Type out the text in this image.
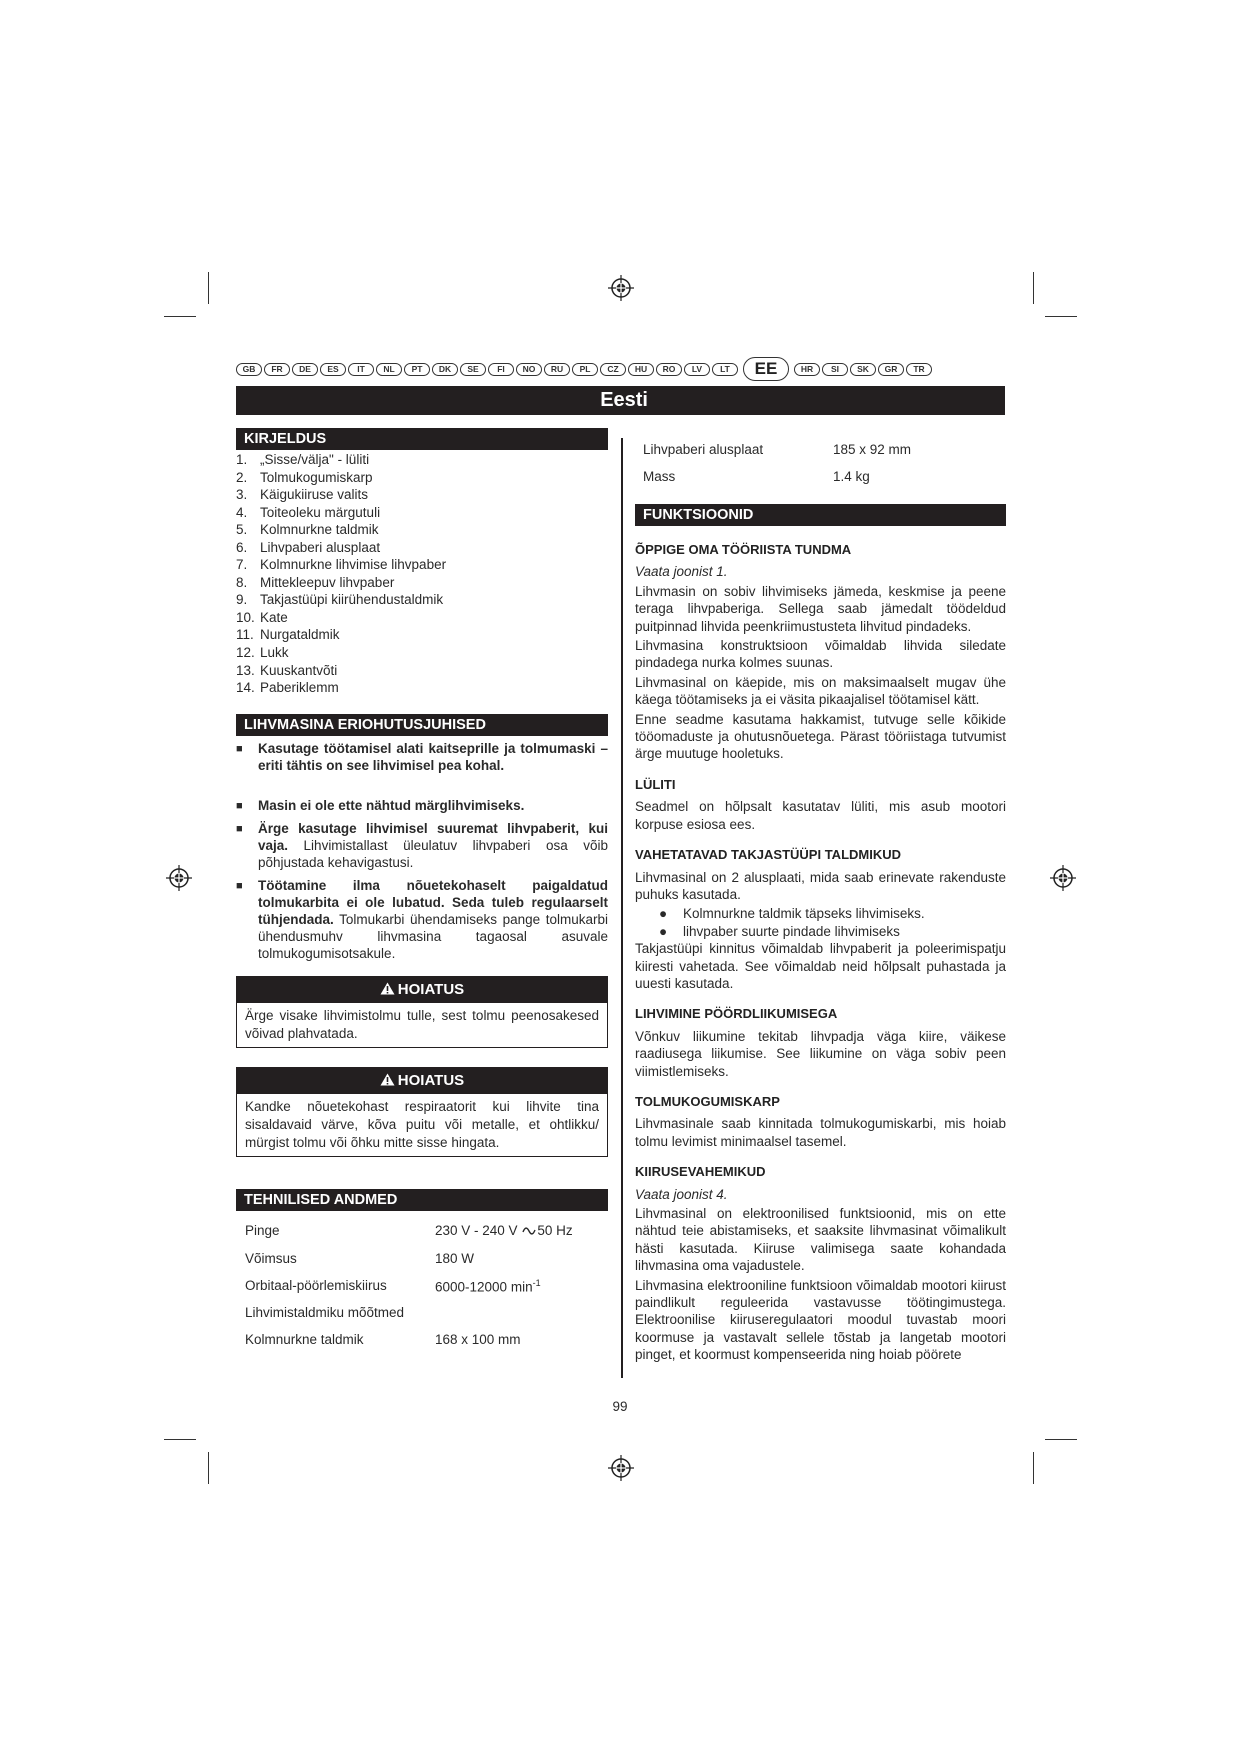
GB	FR	DE	ES	IT	NL	PT	DK	SE	FI	NO	RU	PL	CZ	HU	RO	LV	LT	EE	HR	SI	SK	GR	TR
Eesti
KIRJELDUS
1. „Sisse/välja" - lüliti
2. Tolmukogumiskarp
3. Käigukiiruse valits
4. Toiteoleku märgutuli
5. Kolmnurkne taldmik
6. Lihvpaberi alusplaat
7. Kolmnurkne lihvimise lihvpaber
8. Mittekleepuv lihvpaber
9. Takjastüüpi kiirühendustaldmik
10. Kate
11. Nurgataldmik
12. Lukk
13. Kuuskantvõti
14. Paberiklemm
LIHVMASINA ERIOHUTUSJUHISED
■	Kasutage töötamisel alati kaitseprille ja tolmumaski – eriti tähtis on see lihvimisel pea kohal.
■	Masin ei ole ette nähtud märglihvimiseks.
■	Ärge kasutage lihvimisel suuremat lihvpaberit, kui vaja. Lihvimistallast üleulatuv lihvpaberi osa võib põhjustada kehavigastusi.
■	Töötamine ilma nõuetekohaselt paigaldatud tolmukarbita ei ole lubatud. Seda tuleb regulaarselt tühjendada. Tolmukarbi ühendamiseks pange tolmukarbi ühendusmuhv lihvmasina tagaosal asuvale tolmukogumisotsakule.
HOIATUS
Ärge visake lihvimistolmu tulle, sest tolmu peenosakesed võivad plahvatada.
HOIATUS
Kandke nõuetekohast respiraatorit kui lihvite tina sisaldavaid värve, kõva puitu või metalle, et ohtlikku/ mürgist tolmu või õhku mitte sisse hingata.
TEHNILISED ANDMED
Pinge	230 V - 240 V 50 Hz
Võimsus	180 W
Orbitaal-pöörlemiskiirus	6000-12000 $\min^{-1}$
Lihvimistaldmiku mõõtmed
Kolmnurkne taldmik	168 x 100 mm
Lihvpaberi alusplaat	185 x 92 mm
Mass	1.4 kg
FUNKTSIOONID
ÕPPIGE OMA TÖÖRIISTA TUNDMA

Vaata joonist 1.

Lihvmasin on sobiv lihvimiseks jämeda, keskmise ja peene teraga lihvpaberiga. Sellega saab jämedalt töödeldud puitpinnad lihvida peenkriimustusteta lihvitud pindadeks.

Lihvmasina konstruktsioon võimaldab lihvida siledate pindadega nurka kolmes suunas.

Lihvmasinal on käepide, mis on maksimaalselt mugav ühe käega töötamiseks ja ei väsita pikaajalisel töötamisel kätt.

Enne seadme kasutama hakkamist, tutvuge selle kõikide tööomaduste ja ohutusnõuetega. Pärast tööriistaga tutvumist ärge muutuge hooletuks.

LÜLITI

Seadmel on hõlpsalt kasutatav lüliti, mis asub mootori korpuse esiosa ees.

VAHETATAVAD TAKJASTÜÜPI TALDMIKUD

Lihvmasinal on 2 alusplaati, mida saab erinevate rakenduste puhuks kasutada.

●	Kolmnurkne taldmik täpseks lihvimiseks.
●	lihvpaber suurte pindade lihvimiseks

Takjastüüpi kinnitus võimaldab lihvpaberit ja poleerimispatju kiiresti vahetada. See võimaldab neid hõlpsalt puhastada ja uuesti kasutada.

LIHVIMINE PÖÖRDLIIKUMISEGA

Võnkuv liikumine tekitab lihvpadja väga kiire, väikese raadiusega liikumise. See liikumine on väga sobiv peen viimistlemiseks.

TOLMUKOGUMISKARP

Lihvmasinale saab kinnitada tolmukogumiskarbi, mis hoiab tolmu levimist minimaalsel tasemel.

KIIRUSEVAHEMIKUD

Vaata joonist 4.

Lihvmasinal on elektroonilised funktsioonid, mis on ette nähtud teie abistamiseks, et saaksite lihvmasinat võimalikult hästi kasutada. Kiiruse valimisega saate kohandada lihvmasina oma vajadustele.

Lihvmasina elektrooniline funktsioon võimaldab mootori kiirust paindlikult reguleerida vastavusse töötingimustega. Elektroonilise kiiruseregulaatori moodul tuvastab moori koormuse ja vastavalt sellele tõstab ja langetab mootori pinget, et koormust kompenseerida ning hoiab pöörete

99
